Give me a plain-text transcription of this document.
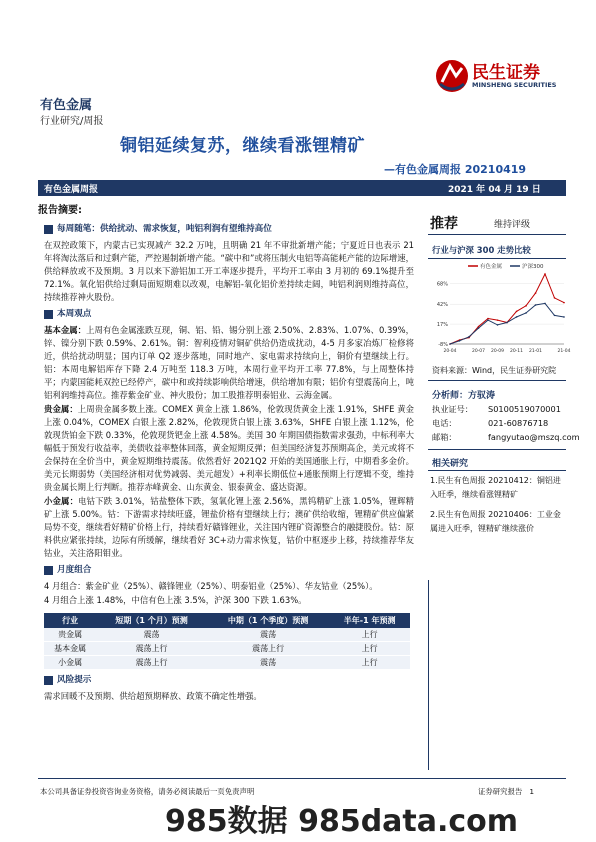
有色金属
行业研究/周报
铜铝延续复苏，继续看涨锂精矿
—有色金属周报 20210419
民生证券
MINSHENG SECURITIES
有色金属周报	2021 年 04 月 19 日
报告摘要:
每周随笔：供给扰动、需求恢复，吨铝利润有望维持高位
在双控政策下，内蒙古已实现减产 32.2 万吨，且明确 21 年不审批新增产能；宁夏近日也表示 21 年将淘汰落后和过剩产能，严控遏制新增产能。“碳中和”或将压制火电铝等高能耗产能的边际增速，供给释放或不及预期。3 月以来下游铝加工开工率逐步提升，平均开工率由 3 月初的 69.1%提升至 72.1%。氧化铝供给过剩局面短期难以改观，电解铝-氧化铝价差持续走阔，吨铝利润则维持高位，持续推荐神火股份。
本周观点
基本金属：上周有色金属涨跌互现，铜、铝、铅、锡分别上涨 2.50%、2.83%、1.07%、0.39%，锌、镍分别下跌 0.59%、2.61%。铜：智利疫情对铜矿供给仍造成扰动，4-5 月多家冶炼厂检修将近，供给扰动明显；国内订单 Q2 逐步落地，同时地产、家电需求持续向上，铜价有望继续上行。铝：本周电解铝库存下降 2.4 万吨至 118.3 万吨，本周行业平均开工率 77.8%，与上周整体持平；内蒙国能耗双控已经停产，碳中和或持续影响供给增速，供给增加有限；铝价有望震荡向上，吨铝利润维持高位。推荐紫金矿业、神火股份；加工股推荐明泰铝业、云海金属。
贵金属：上周贵金属多数上涨。COMEX 黄金上涨 1.86%，伦敦现货黄金上涨 1.91%，SHFE 黄金上涨 0.04%，COMEX 白银上涨 2.82%，伦敦现货白银上涨 3.63%，SHFE 白银上涨 1.12%，伦敦现货铂金下跌 0.33%，伦敦现货钯金上涨 4.58%。美国 30 年期国债指数需求强劲，中标利率大幅低于预发行收益率，美债收益率整体回落，黄金短期反弹；但美国经济复苏预期高企，美元或将不会保持在全价当中，黄金短期维持震荡。依然看好 2021Q2 开始的美国通胀上行，中期看多金价。美元长期弱势（美国经济相对优势减弱、美元超发）+利率长期低位+通胀预期上行逻辑不变，维持贵金属长期上行判断。推荐赤峰黄金、山东黄金、银泰黄金、盛达资源。
小金属：电钴下跌 3.01%，钴盐整体下跌，氢氧化锂上涨 2.56%，黑钨精矿上涨 1.05%，锂辉精矿上涨 5.00%。钴：下游需求持续旺盛，锂盐价格有望继续上行；澳矿供给收缩，锂精矿供应偏紧局势不变，继续看好精矿价格上行，持续看好赣锋锂业，关注国内锂矿资源整合的融捷股份。钴：原料供应紧张持续，边际有所缓解，继续看好 3C+动力需求恢复，钴价中枢逐步上移，持续推荐华友钴业，关注洛阳钼业。
月度组合
4 月组合：紫金矿业（25%）、赣锋锂业（25%）、明泰铝业（25%）、华友钴业（25%）。
4 月组合上涨 1.48%，中信有色上涨 3.5%，沪深 300 下跌 1.63%。
行业	短期（1 个月）预测	中期（1 个季度）预测	半年-1 年预测
贵金属	震荡	震荡	上行
基本金属	震荡上行	震荡上行	上行
小金属	震荡上行	震荡	上行
风险提示
需求回暖不及预期、供给超预期释放、政策不确定性增强。
推荐	维持评级
行业与沪深 300 走势比较
有色金属	沪深300
-8%
17%
42%
68%
20-04	20-07 20-09 20-11 21-01	21-04
资料来源：Wind，民生证券研究院
分析师：方驭涛
执业证号： S0100519070001
电话：	021-60876718
邮箱：	fangyutao@mszq.com
相关研究
1.民生有色周报 20210412：铜铝进入旺季，继续看涨锂精矿
2.民生有色周报 20210406：工业金属进入旺季，锂精矿继续涨价
本公司具备证券投资咨询业务资格，请务必阅读最后一页免责声明	证券研究报告 1
985数据 985data.com
